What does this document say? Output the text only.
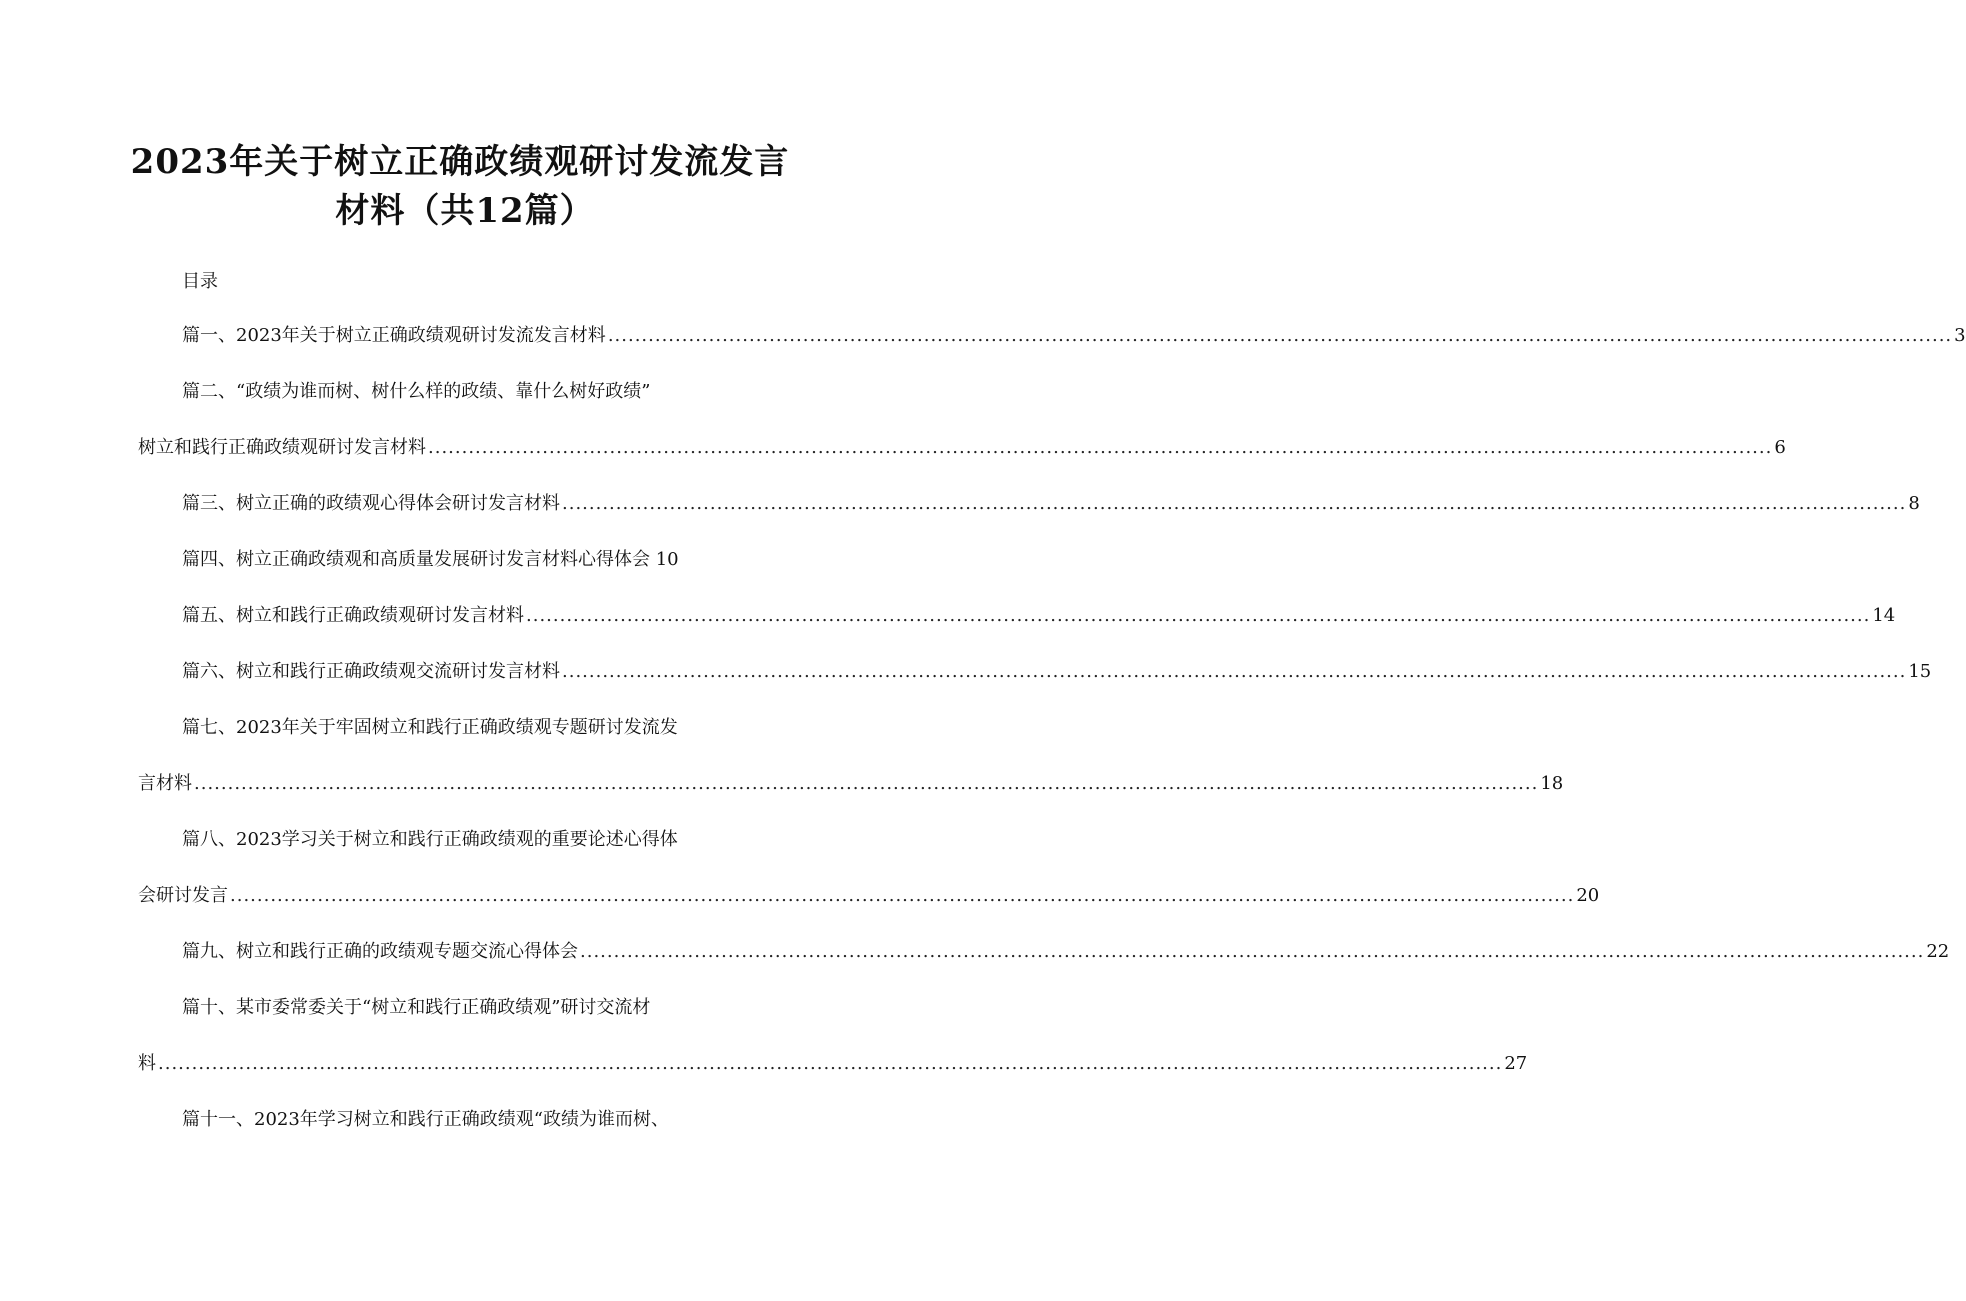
2023年关于树立正确政绩观研讨发流发言
材料（共12篇）
目录
篇一、2023年关于树立正确政绩观研讨发流发言材料 ........................................................................................................................................................................................................ 3
篇二、“政绩为谁而树、树什么样的政绩、靠什么树好政绩”
树立和践行正确政绩观研讨发言材料 ........................................................................................................................................................................................................ 6
篇三、树立正确的政绩观心得体会研讨发言材料 ........................................................................................................................................................................................................ 8
篇四、树立正确政绩观和高质量发展研讨发言材料心得体会 10
篇五、树立和践行正确政绩观研讨发言材料 ........................................................................................................................................................................................................ 14
篇六、树立和践行正确政绩观交流研讨发言材料 ........................................................................................................................................................................................................ 15
篇七、2023年关于牢固树立和践行正确政绩观专题研讨发流发
言材料 ........................................................................................................................................................................................................ 18
篇八、2023学习关于树立和践行正确政绩观的重要论述心得体
会研讨发言 ........................................................................................................................................................................................................ 20
篇九、树立和践行正确的政绩观专题交流心得体会 ........................................................................................................................................................................................................ 22
篇十、某市委常委关于“树立和践行正确政绩观”研讨交流材
料 ........................................................................................................................................................................................................ 27
篇十一、2023年学习树立和践行正确政绩观“政绩为谁而树、
